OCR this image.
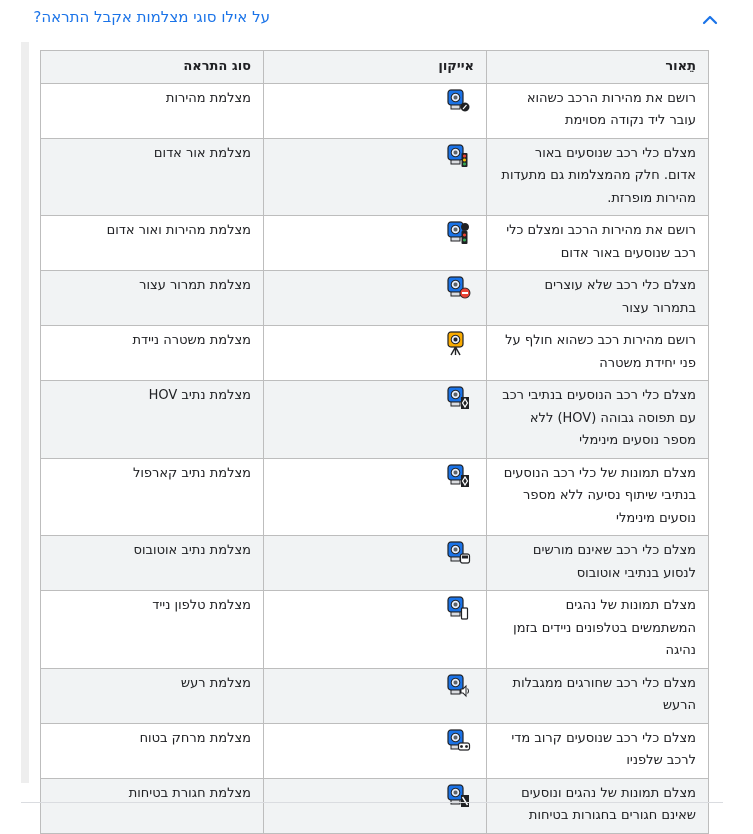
על אילו סוגי מצלמות אקבל התראה?
תֵאור	אייקון	סוג התראה
רושם את מהירות הרכב כשהוא עובר ליד נקודה מסוימת		מצלמת מהירות
מצלם כלי רכב שנוסעים באור אדום. חלק מהמצלמות גם מתעדות מהירות מופרזת.		מצלמת אור אדום
רושם את מהירות הרכב ומצלם כלי רכב שנוסעים באור אדום		מצלמת מהירות ואור אדום
מצלם כלי רכב שלא עוצרים בתמרור עצור		מצלמת תמרור עצור
רושם מהירות רכב כשהוא חולף על פני יחידת משטרה		מצלמת משטרה ניידת
מצלם כלי רכב הנוסעים בנתיבי רכב עם תפוסה גבוהה (HOV) ללא מספר נוסעים מינימלי		מצלמת נתיב HOV
מצלם תמונות של כלי רכב הנוסעים בנתיבי שיתוף נסיעה ללא מספר נוסעים מינימלי		מצלמת נתיב קארפול
מצלם כלי רכב שאינם מורשים לנסוע בנתיבי אוטובוס		מצלמת נתיב אוטובוס
מצלם תמונות של נהגים המשתמשים בטלפונים ניידים בזמן נהיגה		מצלמת טלפון נייד
מצלם כלי רכב שחורגים ממגבלות הרעש		מצלמת רעש
מצלם כלי רכב שנוסעים קרוב מדי לרכב שלפניו		מצלמת מרחק בטוח
מצלם תמונות של נהגים ונוסעים שאינם חגורים בחגורות בטיחות		מצלמת חגורת בטיחות
